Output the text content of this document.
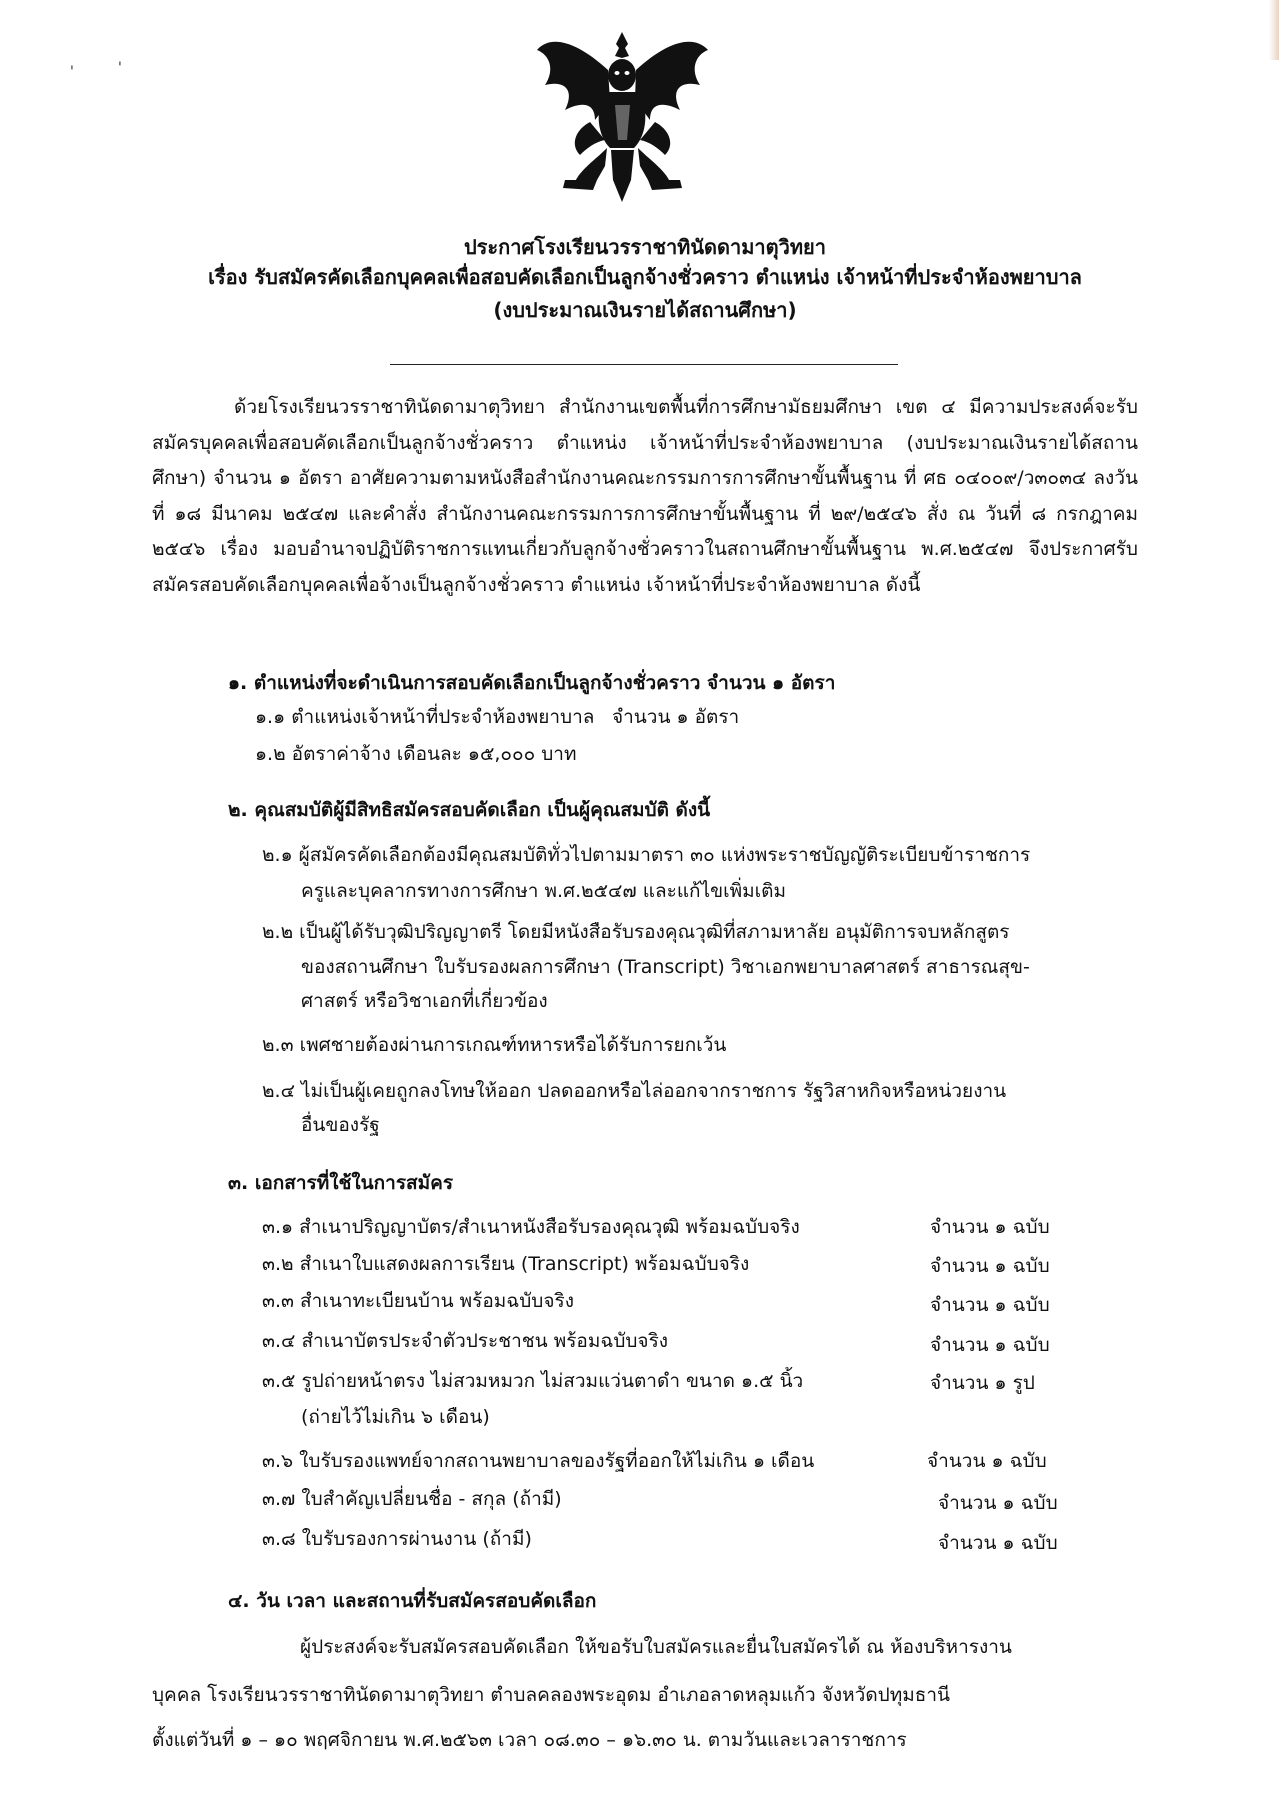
'
'
ประกาศโรงเรียนวรราชาทินัดดามาตุวิทยา
เรื่อง รับสมัครคัดเลือกบุคคลเพื่อสอบคัดเลือกเป็นลูกจ้างชั่วคราว ตำแหน่ง เจ้าหน้าที่ประจำห้องพยาบาล
(งบประมาณเงินรายได้สถานศึกษา)
ด้วยโรงเรียนวรราชาทินัดดามาตุวิทยา สำนักงานเขตพื้นที่การศึกษามัธยมศึกษา เขต ๔ มีความประสงค์จะรับสมัครบุคคลเพื่อสอบคัดเลือกเป็นลูกจ้างชั่วคราว ตำแหน่ง เจ้าหน้าที่ประจำห้องพยาบาล (งบประมาณเงินรายได้สถานศึกษา) จำนวน ๑ อัตรา อาศัยความตามหนังสือสำนักงานคณะกรรมการการศึกษาขั้นพื้นฐาน ที่ ศธ ๐๔๐๐๙/ว๓๐๓๔ ลงวันที่ ๑๘ มีนาคม ๒๕๔๗ และคำสั่ง สำนักงานคณะกรรมการการศึกษาขั้นพื้นฐาน ที่ ๒๙/๒๕๔๖ สั่ง ณ วันที่ ๘ กรกฎาคม ๒๕๔๖ เรื่อง มอบอำนาจปฏิบัติราชการแทนเกี่ยวกับลูกจ้างชั่วคราวในสถานศึกษาขั้นพื้นฐาน พ.ศ.๒๕๔๗ จึงประกาศรับสมัครสอบคัดเลือกบุคคลเพื่อจ้างเป็นลูกจ้างชั่วคราว ตำแหน่ง เจ้าหน้าที่ประจำห้องพยาบาล ดังนี้
๑. ตำแหน่งที่จะดำเนินการสอบคัดเลือกเป็นลูกจ้างชั่วคราว จำนวน ๑ อัตรา
๑.๑ ตำแหน่งเจ้าหน้าที่ประจำห้องพยาบาล จำนวน ๑ อัตรา
๑.๒ อัตราค่าจ้าง เดือนละ ๑๕,๐๐๐ บาท
๒. คุณสมบัติผู้มีสิทธิสมัครสอบคัดเลือก เป็นผู้คุณสมบัติ ดังนี้
๒.๑ ผู้สมัครคัดเลือกต้องมีคุณสมบัติทั่วไปตามมาตรา ๓๐ แห่งพระราชบัญญัติระเบียบข้าราชการ
ครูและบุคลากรทางการศึกษา พ.ศ.๒๕๔๗ และแก้ไขเพิ่มเติม
๒.๒ เป็นผู้ได้รับวุฒิปริญญาตรี โดยมีหนังสือรับรองคุณวุฒิที่สภามหาลัย อนุมัติการจบหลักสูตร
ของสถานศึกษา ใบรับรองผลการศึกษา (Transcript) วิชาเอกพยาบาลศาสตร์ สาธารณสุข-
ศาสตร์ หรือวิชาเอกที่เกี่ยวข้อง
๒.๓ เพศชายต้องผ่านการเกณฑ์ทหารหรือได้รับการยกเว้น
๒.๔ ไม่เป็นผู้เคยถูกลงโทษให้ออก ปลดออกหรือไล่ออกจากราชการ รัฐวิสาหกิจหรือหน่วยงาน
อื่นของรัฐ
๓. เอกสารที่ใช้ในการสมัคร
๓.๑ สำเนาปริญญาบัตร/สำเนาหนังสือรับรองคุณวุฒิ พร้อมฉบับจริง	จำนวน ๑ ฉบับ
๓.๒ สำเนาใบแสดงผลการเรียน (Transcript) พร้อมฉบับจริง	จำนวน ๑ ฉบับ
๓.๓ สำเนาทะเบียนบ้าน พร้อมฉบับจริง	จำนวน ๑ ฉบับ
๓.๔ สำเนาบัตรประจำตัวประชาชน พร้อมฉบับจริง	จำนวน ๑ ฉบับ
๓.๕ รูปถ่ายหน้าตรง ไม่สวมหมวก ไม่สวมแว่นตาดำ ขนาด ๑.๕ นิ้ว	จำนวน ๑ รูป
(ถ่ายไว้ไม่เกิน ๖ เดือน)
๓.๖ ใบรับรองแพทย์จากสถานพยาบาลของรัฐที่ออกให้ไม่เกิน ๑ เดือน	จำนวน ๑ ฉบับ
๓.๗ ใบสำคัญเปลี่ยนชื่อ - สกุล (ถ้ามี)	จำนวน ๑ ฉบับ
๓.๘ ใบรับรองการผ่านงาน (ถ้ามี)	จำนวน ๑ ฉบับ
๔. วัน เวลา และสถานที่รับสมัครสอบคัดเลือก
ผู้ประสงค์จะรับสมัครสอบคัดเลือก ให้ขอรับใบสมัครและยื่นใบสมัครได้ ณ ห้องบริหารงาน
บุคคล โรงเรียนวรราชาทินัดดามาตุวิทยา ตำบลคลองพระอุดม อำเภอลาดหลุมแก้ว จังหวัดปทุมธานี
ตั้งแต่วันที่ ๑ – ๑๐ พฤศจิกายน พ.ศ.๒๕๖๓ เวลา ๐๘.๓๐ – ๑๖.๓๐ น. ตามวันและเวลาราชการ
